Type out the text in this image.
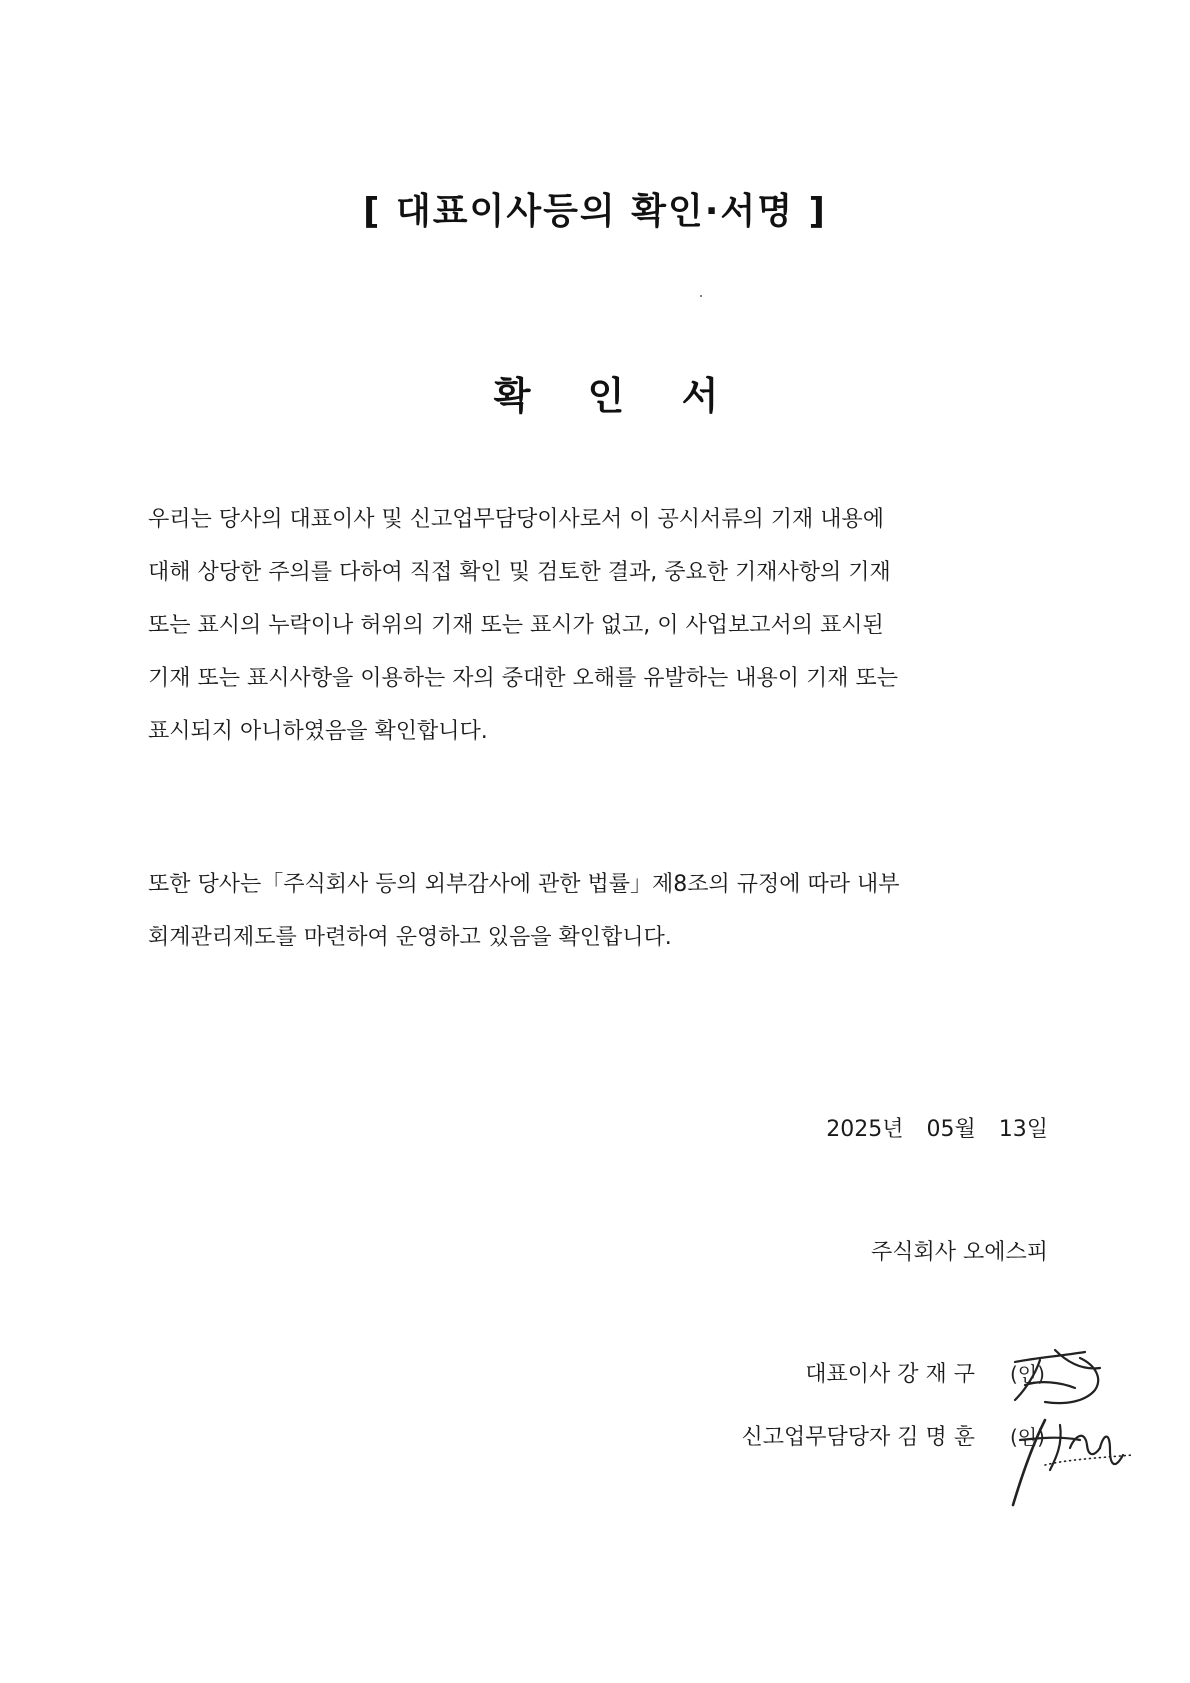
[ 대표이사등의 확인·서명 ]
확 인 서
우리는 당사의 대표이사 및 신고업무담당이사로서 이 공시서류의 기재 내용에
대해 상당한 주의를 다하여 직접 확인 및 검토한 결과, 중요한 기재사항의 기재
또는 표시의 누락이나 허위의 기재 또는 표시가 없고, 이 사업보고서의 표시된
기재 또는 표시사항을 이용하는 자의 중대한 오해를 유발하는 내용이 기재 또는
표시되지 아니하였음을 확인합니다.
또한 당사는「주식회사 등의 외부감사에 관한 법률」제8조의 규정에 따라 내부
회계관리제도를 마련하여 운영하고 있음을 확인합니다.
2025년 05월 13일
주식회사 오에스피
대표이사 강 재 구 (인)
신고업무담당자 김 명 훈 (인)
